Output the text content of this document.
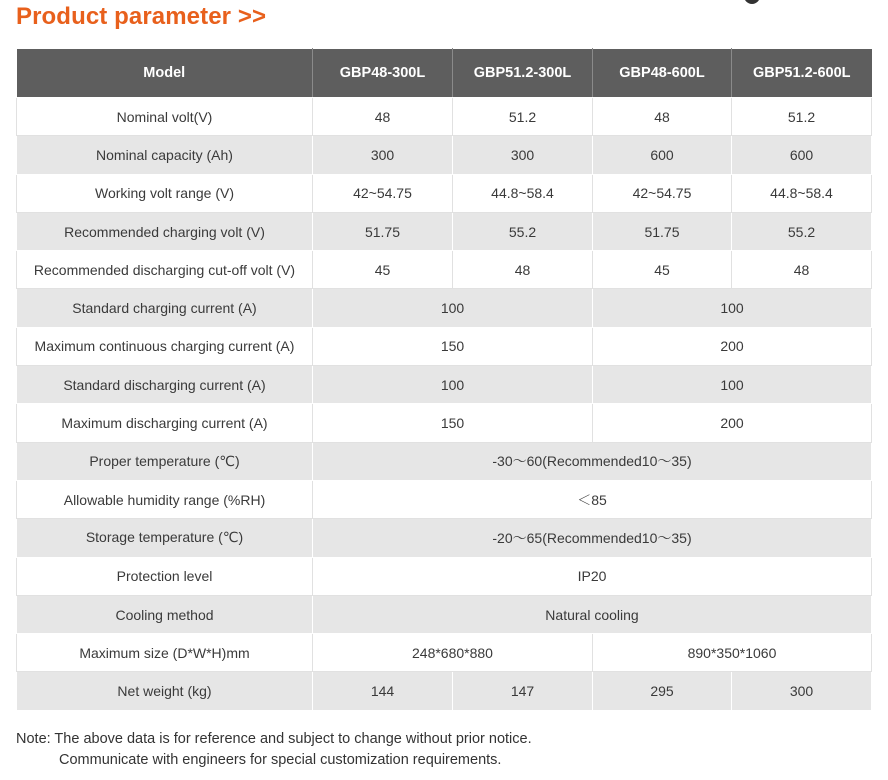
Product parameter >>
Model	GBP48-300L	GBP51.2-300L	GBP48-600L	GBP51.2-600L
Nominal volt(V)	48	51.2	48	51.2
Nominal capacity (Ah)	300	300	600	600
Working volt range (V)	42~54.75	44.8~58.4	42~54.75	44.8~58.4
Recommended charging volt (V)	51.75	55.2	51.75	55.2
Recommended discharging cut-off volt (V)	45	48	45	48
Standard charging current (A)	100		100	
Maximum continuous charging current (A)	150		200	
Standard discharging current (A)	100		100	
Maximum discharging current (A)	150		200	
Proper temperature (℃)	-30～60(Recommended10～35)			
Allowable humidity range (%RH)	＜85			
Storage temperature (℃)	-20～65(Recommended10～35)			
Protection level	IP20			
Cooling method	Natural cooling			
Maximum size (D*W*H)mm	248*680*880		890*350*1060	
Net weight (kg)	144	147	295	300
Note: The above data is for reference and subject to change without prior notice.
Communicate with engineers for special customization requirements.
